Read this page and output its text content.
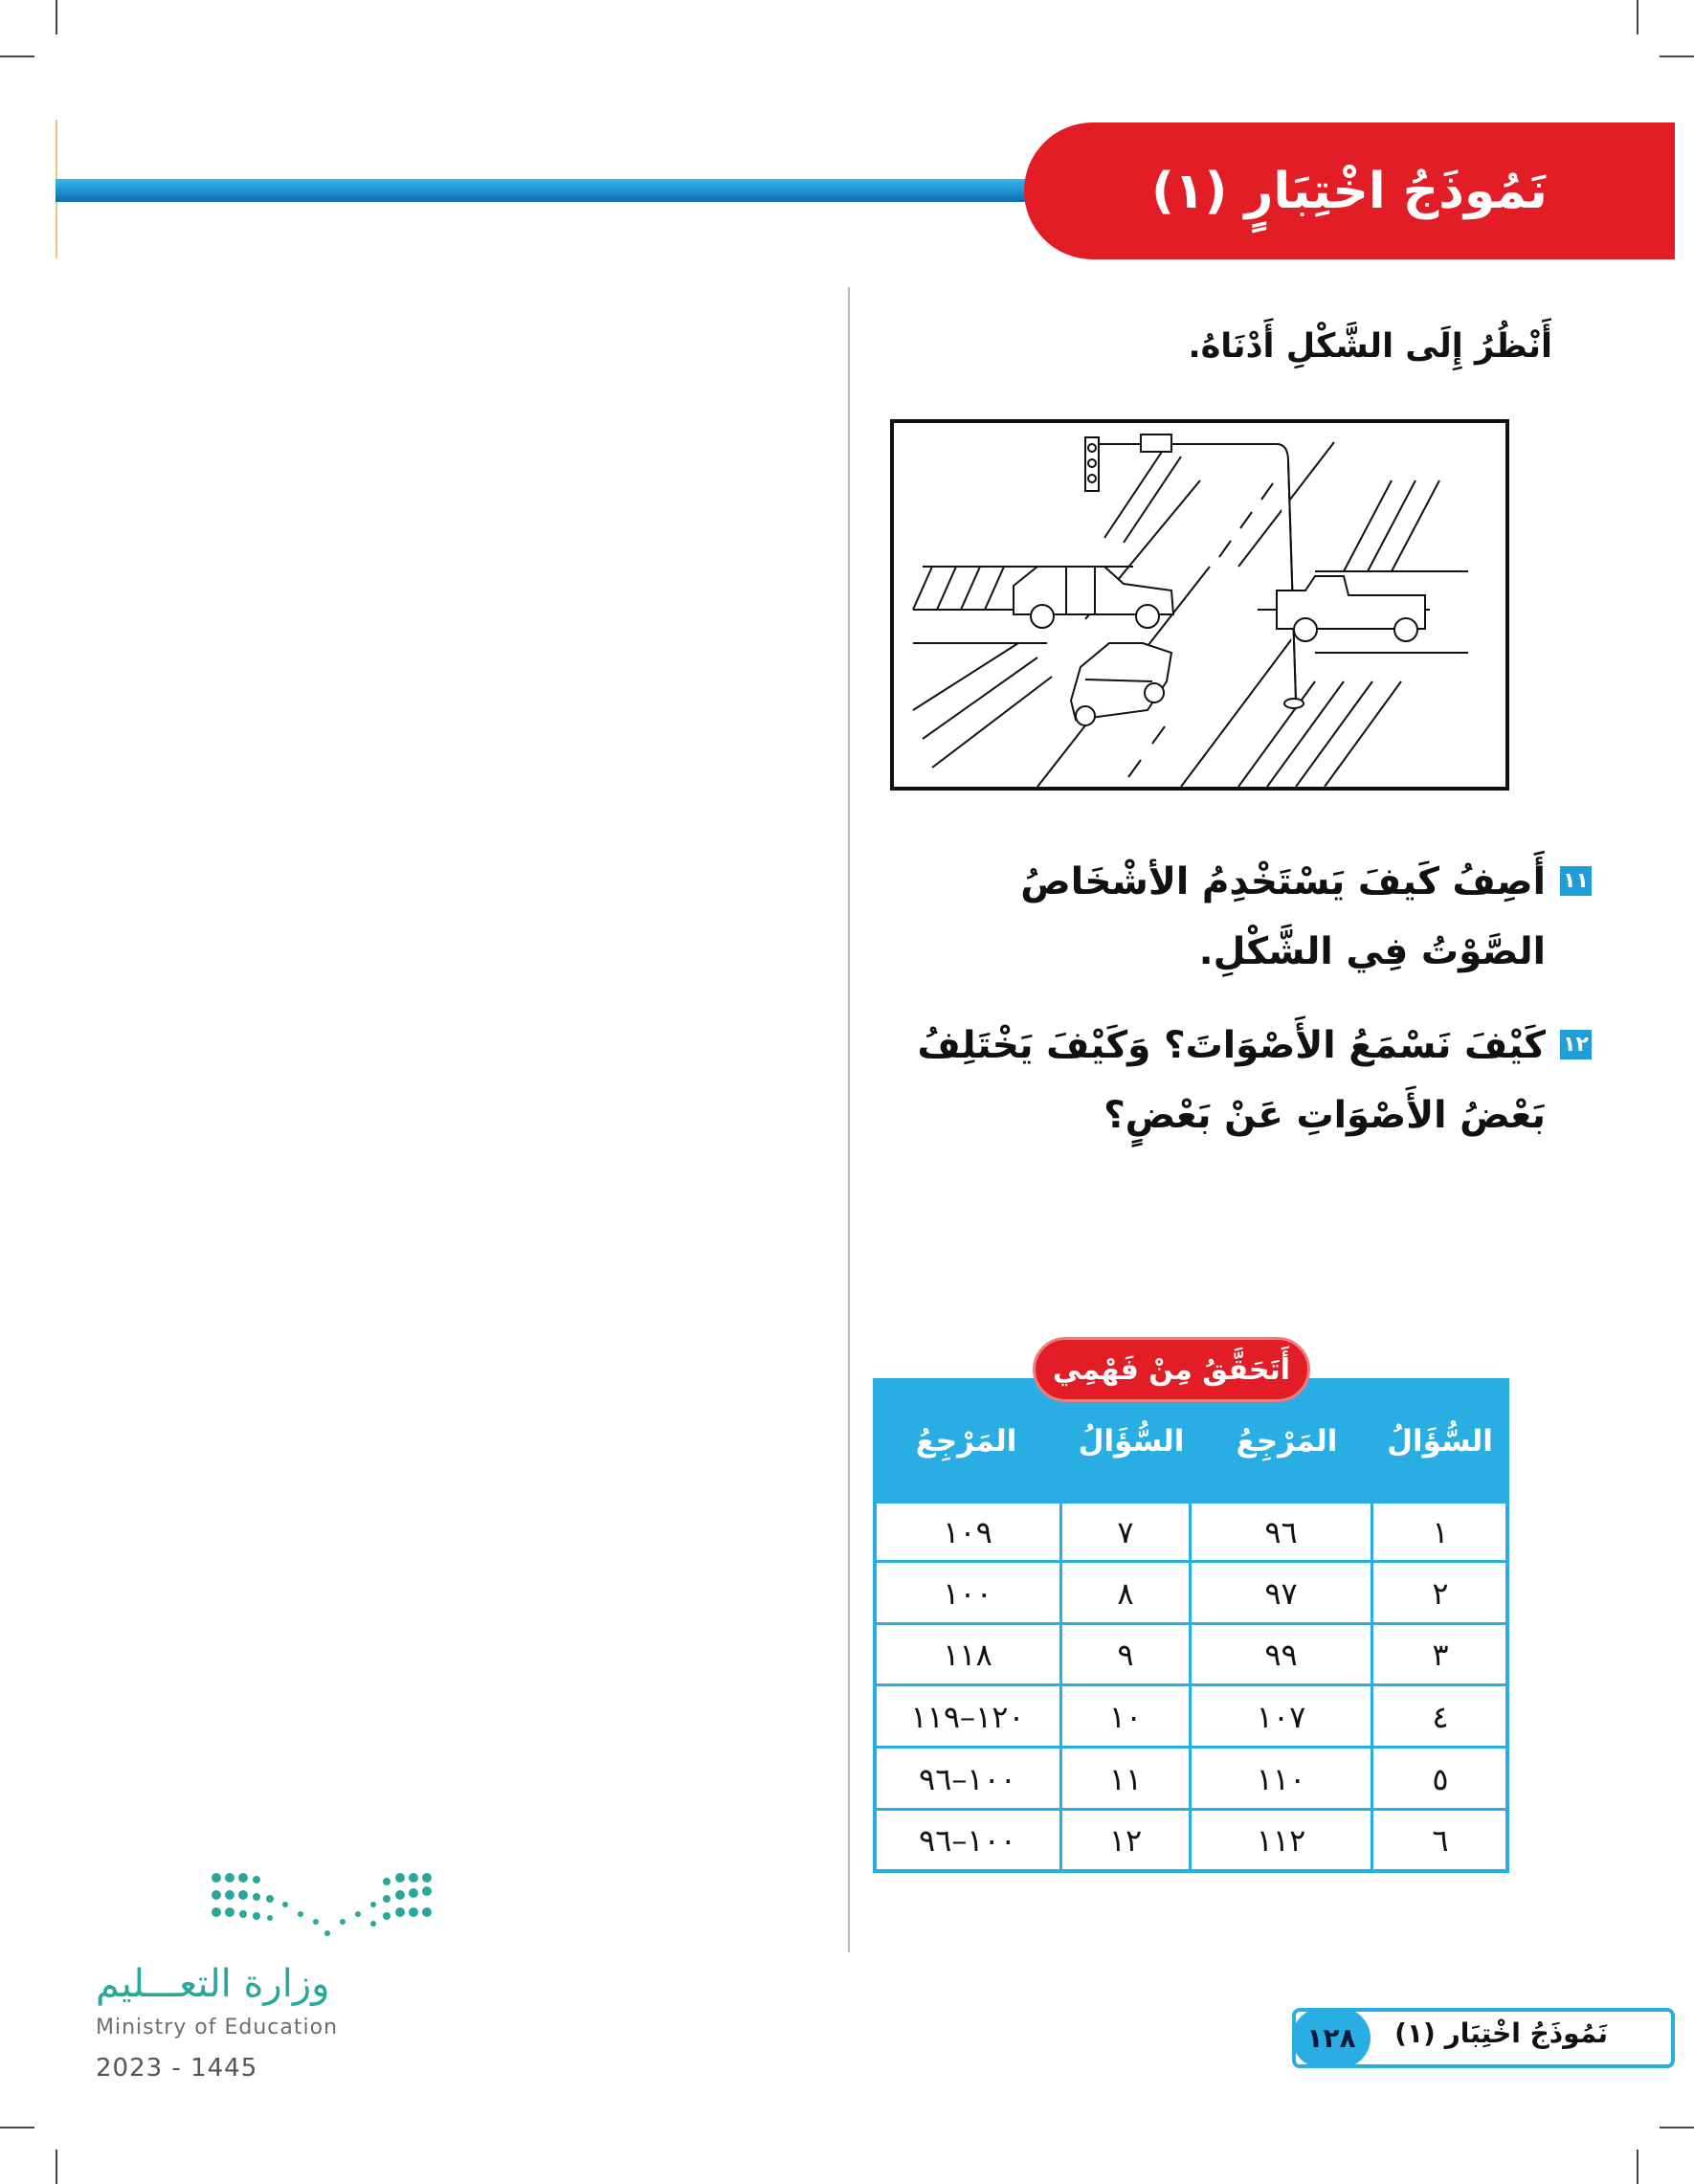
نَمُوذَجُ اخْتِبَارٍ (١)
أَنْظُرُ إِلَى الشَّكْلِ أَدْنَاهُ.
١١
أَصِفُ كَيفَ يَسْتَخْدِمُ الأشْخَاصُ الصَّوْتُ فِي الشَّكْلِ.
١٢
كَيْفَ نَسْمَعُ الأَصْوَاتَ؟ وَكَيْفَ يَخْتَلِفُ بَعْضُ الأَصْوَاتِ عَنْ بَعْضٍ؟
السُّؤَالُ
المَرْجِعُ
السُّؤَالُ
المَرْجِعُ
١
٩٦
٧
١٠٩
٢
٩٧
٨
١٠٠
٣
٩٩
٩
١١٨
٤
١٠٧
١٠
١٢٠–١١٩
٥
١١٠
١١
١٠٠–٩٦
٦
١١٢
١٢
١٠٠–٩٦
أَتَحَقَّقُ مِنْ فَهْمِي
وزارة التعـــليم
Ministry of Education
2023 - 1445
نَمُوذَجُ اخْتِبَار (١)
١٢٨
